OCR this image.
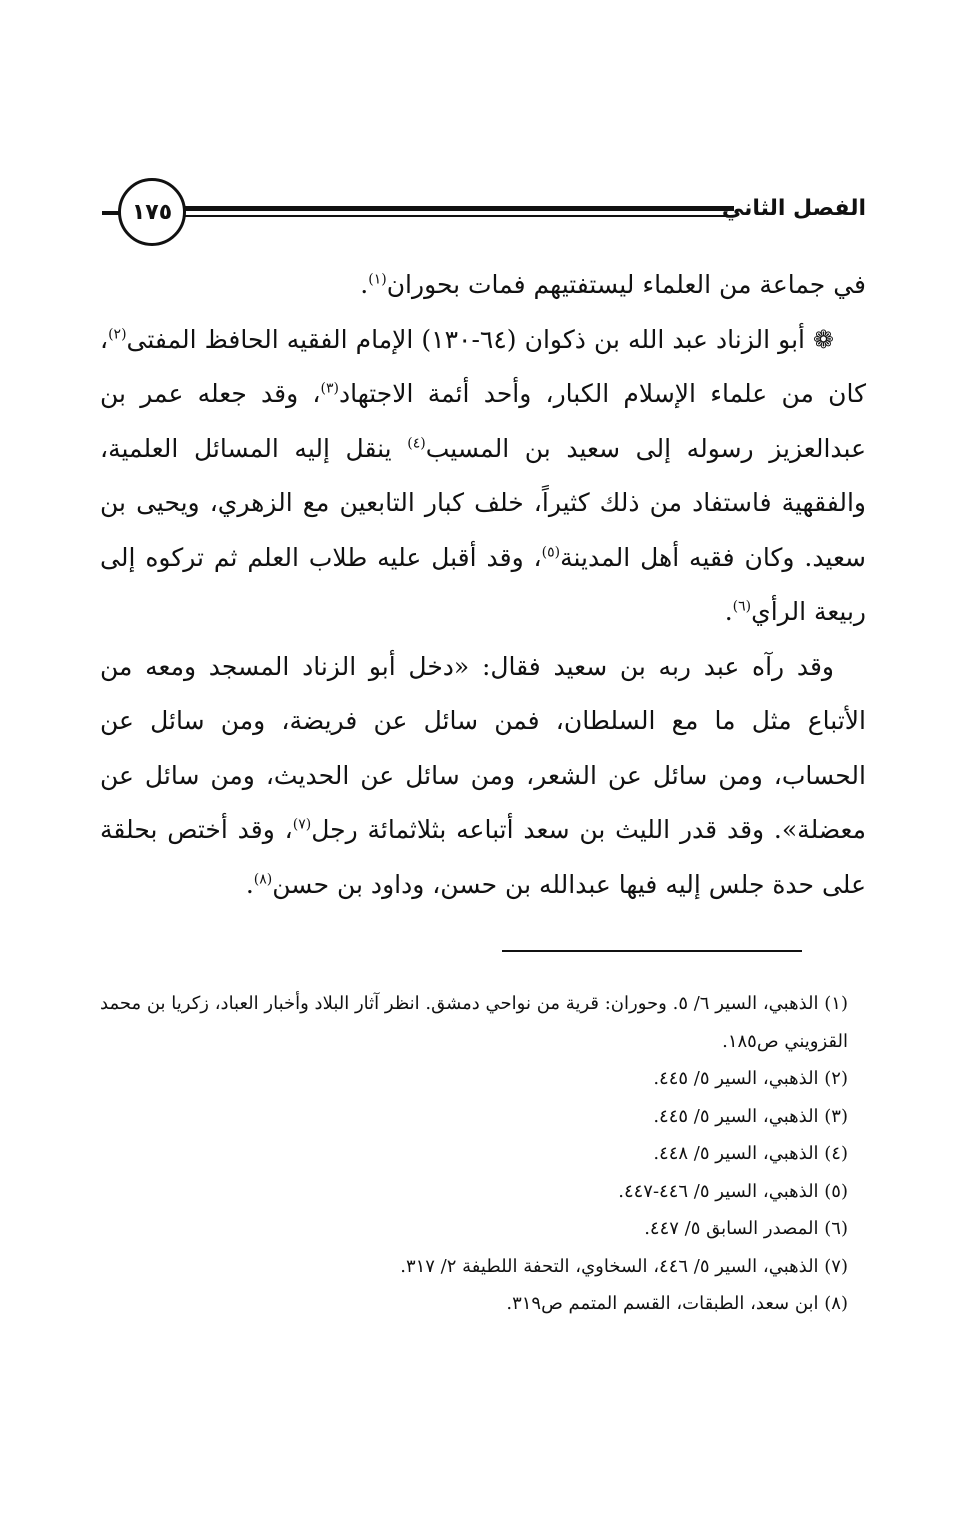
١٧٥	الفصل الثاني

في جماعة من العلماء ليستفتيهم فمات بحوران$^{(١)}$.

❁ أبو الزناد عبد الله بن ذكوان (٦٤-١٣٠) الإمام الفقيه الحافظ المفتى$^{(٢)}$، كان من علماء الإسلام الكبار، وأحد أئمة الاجتهاد$^{(٣)}$، وقد جعله عمر بن عبدالعزيز رسوله إلى سعيد بن المسيب$^{(٤)}$ ينقل إليه المسائل العلمية، والفقهية فاستفاد من ذلك كثيراً، خلف كبار التابعين مع الزهري، ويحيى بن سعيد. وكان فقيه أهل المدينة$^{(٥)}$، وقد أقبل عليه طلاب العلم ثم تركوه إلى ربيعة الرأي$^{(٦)}$.

وقد رآه عبد ربه بن سعيد فقال: «دخل أبو الزناد المسجد ومعه من الأتباع مثل ما مع السلطان، فمن سائل عن فريضة، ومن سائل عن الحساب، ومن سائل عن الشعر، ومن سائل عن الحديث، ومن سائل عن معضلة». وقد قدر الليث بن سعد أتباعه بثلاثمائة رجل$^{(٧)}$، وقد أختص بحلقة على حدة جلس إليه فيها عبدالله بن حسن، وداود بن حسن$^{(٨)}$.

(١) الذهبي، السير ٦/ ٥. وحوران: قرية من نواحي دمشق. انظر آثار البلاد وأخبار العباد، زكريا بن محمد القزويني ص١٨٥.

(٢) الذهبي، السير ٥/ ٤٤٥.

(٣) الذهبي، السير ٥/ ٤٤٥.

(٤) الذهبي، السير ٥/ ٤٤٨.

(٥) الذهبي، السير ٥/ ٤٤٦-٤٤٧.

(٦) المصدر السابق ٥/ ٤٤٧.

(٧) الذهبي، السير ٥/ ٤٤٦، السخاوي، التحفة اللطيفة ٢/ ٣١٧.

(٨) ابن سعد، الطبقات، القسم المتمم ص٣١٩.
